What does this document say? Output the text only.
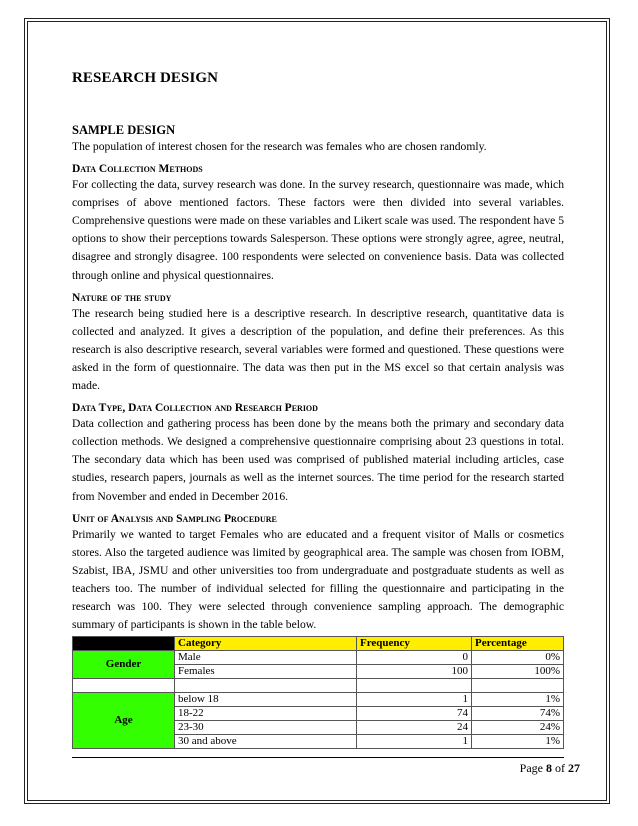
RESEARCH DESIGN
SAMPLE DESIGN

The population of interest chosen for the research was females who are chosen randomly.

Data Collection Methods

For collecting the data, survey research was done. In the survey research, questionnaire was made, which comprises of above mentioned factors. These factors were then divided into several variables. Comprehensive questions were made on these variables and Likert scale was used. The respondent have 5 options to show their perceptions towards Salesperson. These options were strongly agree, agree, neutral, disagree and strongly disagree. 100 respondents were selected on convenience basis. Data was collected through online and physical questionnaires.

Nature of the study

The research being studied here is a descriptive research. In descriptive research, quantitative data is collected and analyzed. It gives a description of the population, and define their preferences. As this research is also descriptive research, several variables were formed and questioned. These questions were asked in the form of questionnaire. The data was then put in the MS excel so that certain analysis was made.

Data Type, Data Collection and Research Period

Data collection and gathering process has been done by the means both the primary and secondary data collection methods. We designed a comprehensive questionnaire comprising about 23 questions in total. The secondary data which has been used was comprised of published material including articles, case studies, research papers, journals as well as the internet sources. The time period for the research started from November and ended in December 2016.

Unit of Analysis and Sampling Procedure

Primarily we wanted to target Females who are educated and a frequent visitor of Malls or cosmetics stores. Also the targeted audience was limited by geographical area. The sample was chosen from IOBM, Szabist, IBA, JSMU and other universities too from undergraduate and postgraduate students as well as teachers too. The number of individual selected for filling the questionnaire and participating in the research was 100. They were selected through convenience sampling approach. The demographic summary of participants is shown in the table below.

	Category	Frequency	Percentage
Gender	Male	0	0%
	Females	100	100%

Age	below 18	1	1%
	18-22	74	74%
	23-30	24	24%
	30 and above	1	1%
Page 8 of 27
